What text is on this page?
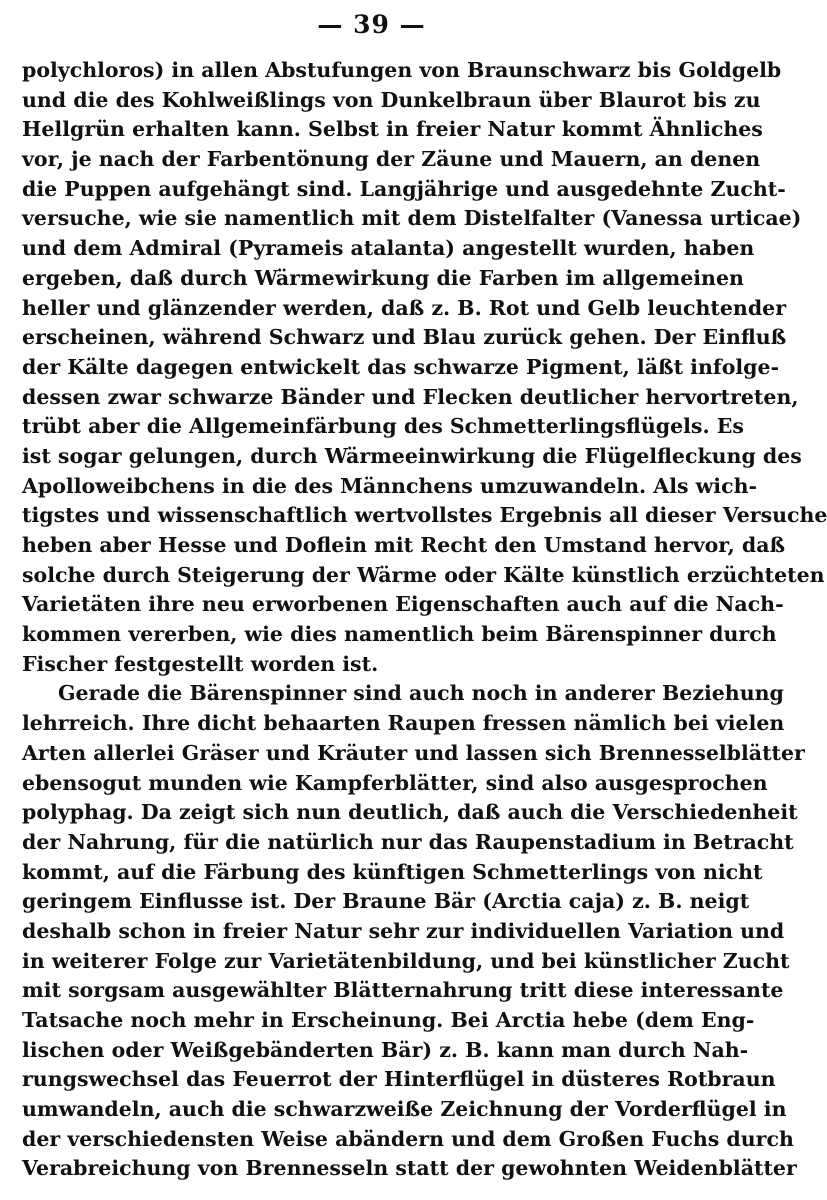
— 39 —
polychloros) in allen Abstufungen von Braunschwarz bis Goldgelb
und die des Kohlweißlings von Dunkelbraun über Blaurot bis zu
Hellgrün erhalten kann. Selbst in freier Natur kommt Ähnliches
vor, je nach der Farbentönung der Zäune und Mauern, an denen
die Puppen aufgehängt sind. Langjährige und ausgedehnte Zucht-
versuche, wie sie namentlich mit dem Distelfalter (Vanessa urticae)
und dem Admiral (Pyrameis atalanta) angestellt wurden, haben
ergeben, daß durch Wärmewirkung die Farben im allgemeinen
heller und glänzender werden, daß z. B. Rot und Gelb leuchtender
erscheinen, während Schwarz und Blau zurück gehen. Der Einfluß
der Kälte dagegen entwickelt das schwarze Pigment, läßt infolge-
dessen zwar schwarze Bänder und Flecken deutlicher hervortreten,
trübt aber die Allgemeinfärbung des Schmetterlingsflügels. Es
ist sogar gelungen, durch Wärmeeinwirkung die Flügelfleckung des
Apolloweibchens in die des Männchens umzuwandeln. Als wich-
tigstes und wissenschaftlich wertvollstes Ergebnis all dieser Versuche
heben aber Hesse und Doflein mit Recht den Umstand hervor, daß
solche durch Steigerung der Wärme oder Kälte künstlich erzüchteten
Varietäten ihre neu erworbenen Eigenschaften auch auf die Nach-
kommen vererben, wie dies namentlich beim Bärenspinner durch
Fischer festgestellt worden ist.
Gerade die Bärenspinner sind auch noch in anderer Beziehung
lehrreich. Ihre dicht behaarten Raupen fressen nämlich bei vielen
Arten allerlei Gräser und Kräuter und lassen sich Brennesselblätter
ebensogut munden wie Kampferblätter, sind also ausgesprochen
polyphag. Da zeigt sich nun deutlich, daß auch die Verschiedenheit
der Nahrung, für die natürlich nur das Raupenstadium in Betracht
kommt, auf die Färbung des künftigen Schmetterlings von nicht
geringem Einflusse ist. Der Braune Bär (Arctia caja) z. B. neigt
deshalb schon in freier Natur sehr zur individuellen Variation und
in weiterer Folge zur Varietätenbildung, und bei künstlicher Zucht
mit sorgsam ausgewählter Blätternahrung tritt diese interessante
Tatsache noch mehr in Erscheinung. Bei Arctia hebe (dem Eng-
lischen oder Weißgebänderten Bär) z. B. kann man durch Nah-
rungswechsel das Feuerrot der Hinterflügel in düsteres Rotbraun
umwandeln, auch die schwarzweiße Zeichnung der Vorderflügel in
der verschiedensten Weise abändern und dem Großen Fuchs durch
Verabreichung von Brennesseln statt der gewohnten Weidenblätter
